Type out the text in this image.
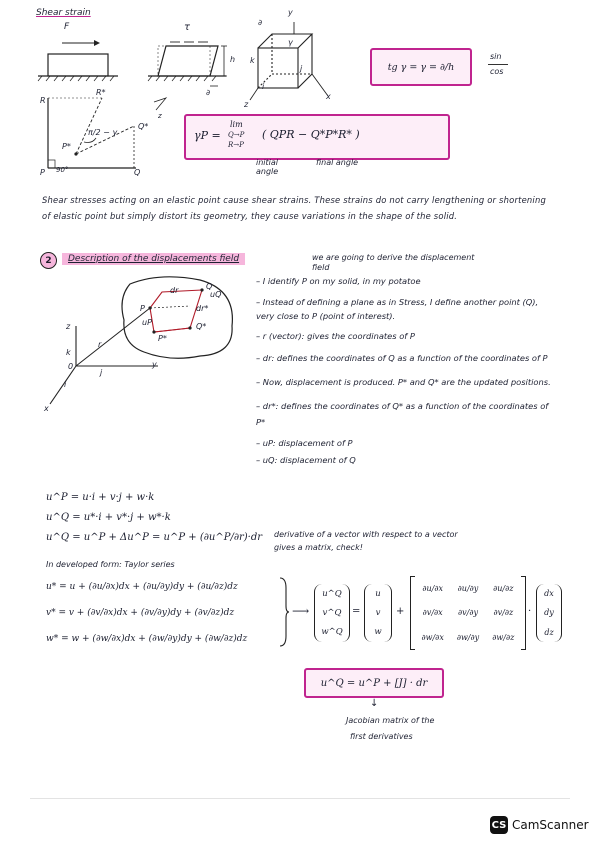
Shear strain
F	τ
h
∂
y
∂
γ
k
j
i
x
z
tg γ = γ = ∂/h
sin
cos
R
R*
Q*
P*
P	Q
π/2 − γ
90°
z
γP =
lim
Q→P
R→P
( QPR − Q*P*R* )
initial angle
final angle
Shear stresses acting on an elastic point cause shear strains. These strains do not carry lengthening or shortening of elastic point but simply distort its geometry, they cause variations in the shape of the solid.
2	Description of the displacements field	we are going to derive the displacement field
P
Q
P*
Q*
dr
dr*
uP
uQ
r
z
k
j
y
i
x
0
– I identify P on my solid, in my potatoe
– Instead of defining a plane as in Stress, I define another point (Q), very close to P (point of interest).
– r (vector): gives the coordinates of P
– dr: defines the coordinates of Q as a function of the coordinates of P
– Now, displacement is produced. P* and Q* are the updated positions.
– dr*: defines the coordinates of Q* as a function of the coordinates of P*
– uP: displacement of P
– uQ: displacement of Q
u^P = u·i + v·j + w·k
u^Q = u*·i + v*·j + w*·k
u^Q = u^P + Δu^P = u^P + (∂u^P/∂r)·dr derivative of a vector with respect to a vector gives a matrix, check!
In developed form: Taylor series
u* = u + (∂u/∂x)dx + (∂u/∂y)dy + (∂u/∂z)dz
v* = v + (∂v/∂x)dx + (∂v/∂y)dy + (∂v/∂z)dz
w* = w + (∂w/∂x)dx + (∂w/∂y)dy + (∂w/∂z)dz
⟶
u^Q
v^Q
w^Q
=
u
v
w
+
∂u/∂x ∂u/∂y ∂u/∂z
∂v/∂x ∂v/∂y ∂v/∂z
∂w/∂x ∂w/∂y ∂w/∂z
·
dx
dy
dz
u^Q = u^P + [J] · dr
↓
Jacobian matrix of the
first derivatives
CS CamScanner
